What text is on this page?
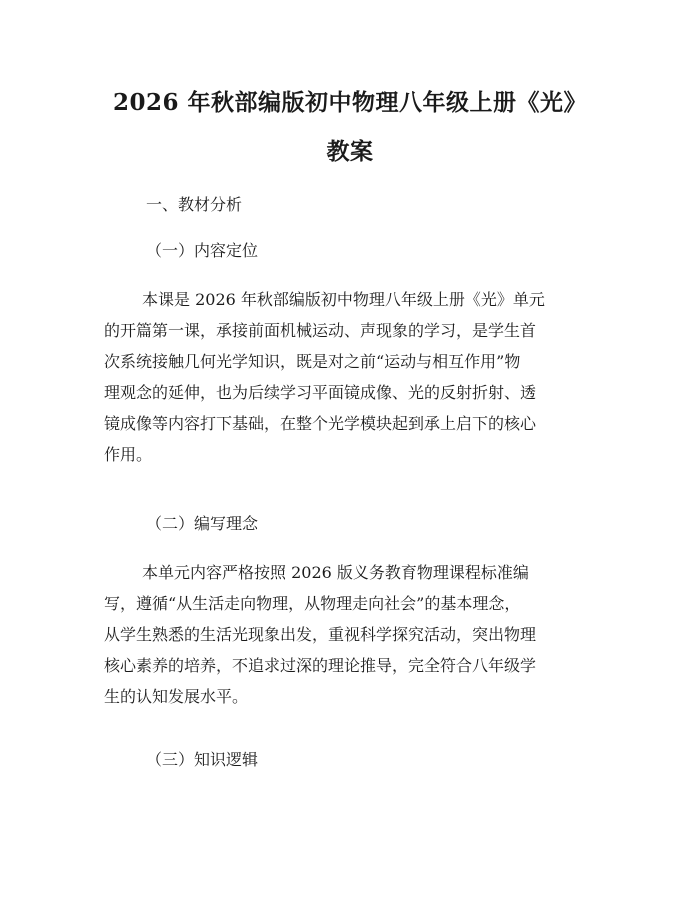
2026 年秋部编版初中物理八年级上册《光》
教案
一、教材分析
（一）内容定位

本课是 2026 年秋部编版初中物理八年级上册《光》单元
的开篇第一课，承接前面机械运动、声现象的学习，是学生首
次系统接触几何光学知识，既是对之前“运动与相互作用”物
理观念的延伸，也为后续学习平面镜成像、光的反射折射、透
镜成像等内容打下基础，在整个光学模块起到承上启下的核心
作用。

（二）编写理念

本单元内容严格按照 2026 版义务教育物理课程标准编
写，遵循“从生活走向物理，从物理走向社会”的基本理念，
从学生熟悉的生活光现象出发，重视科学探究活动，突出物理
核心素养的培养，不追求过深的理论推导，完全符合八年级学
生的认知发展水平。

（三）知识逻辑
